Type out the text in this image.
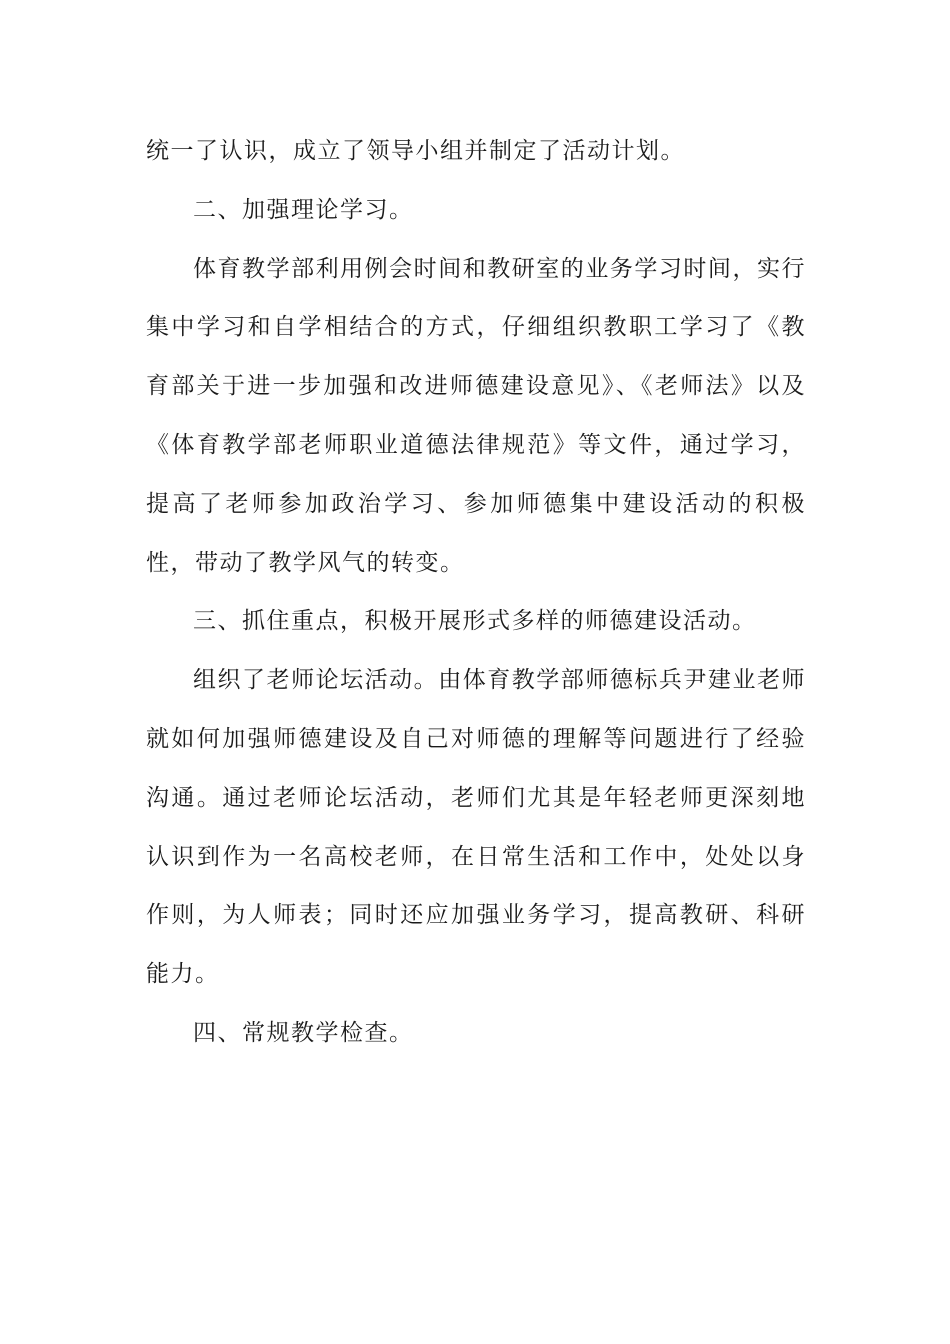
统一了认识，成立了领导小组并制定了活动计划。

二、加强理论学习。

体育教学部利用例会时间和教研室的业务学习时间，实行集中学习和自学相结合的方式，仔细组织教职工学习了《教育部关于进一步加强和改进师德建设意见》、《老师法》以及《体育教学部老师职业道德法律规范》等文件，通过学习，提高了老师参加政治学习、参加师德集中建设活动的积极性，带动了教学风气的转变。

三、抓住重点，积极开展形式多样的师德建设活动。

组织了老师论坛活动。由体育教学部师德标兵尹建业老师就如何加强师德建设及自己对师德的理解等问题进行了经验沟通。通过老师论坛活动，老师们尤其是年轻老师更深刻地认识到作为一名高校老师，在日常生活和工作中，处处以身作则，为人师表；同时还应加强业务学习，提高教研、科研能力。

四、常规教学检查。
